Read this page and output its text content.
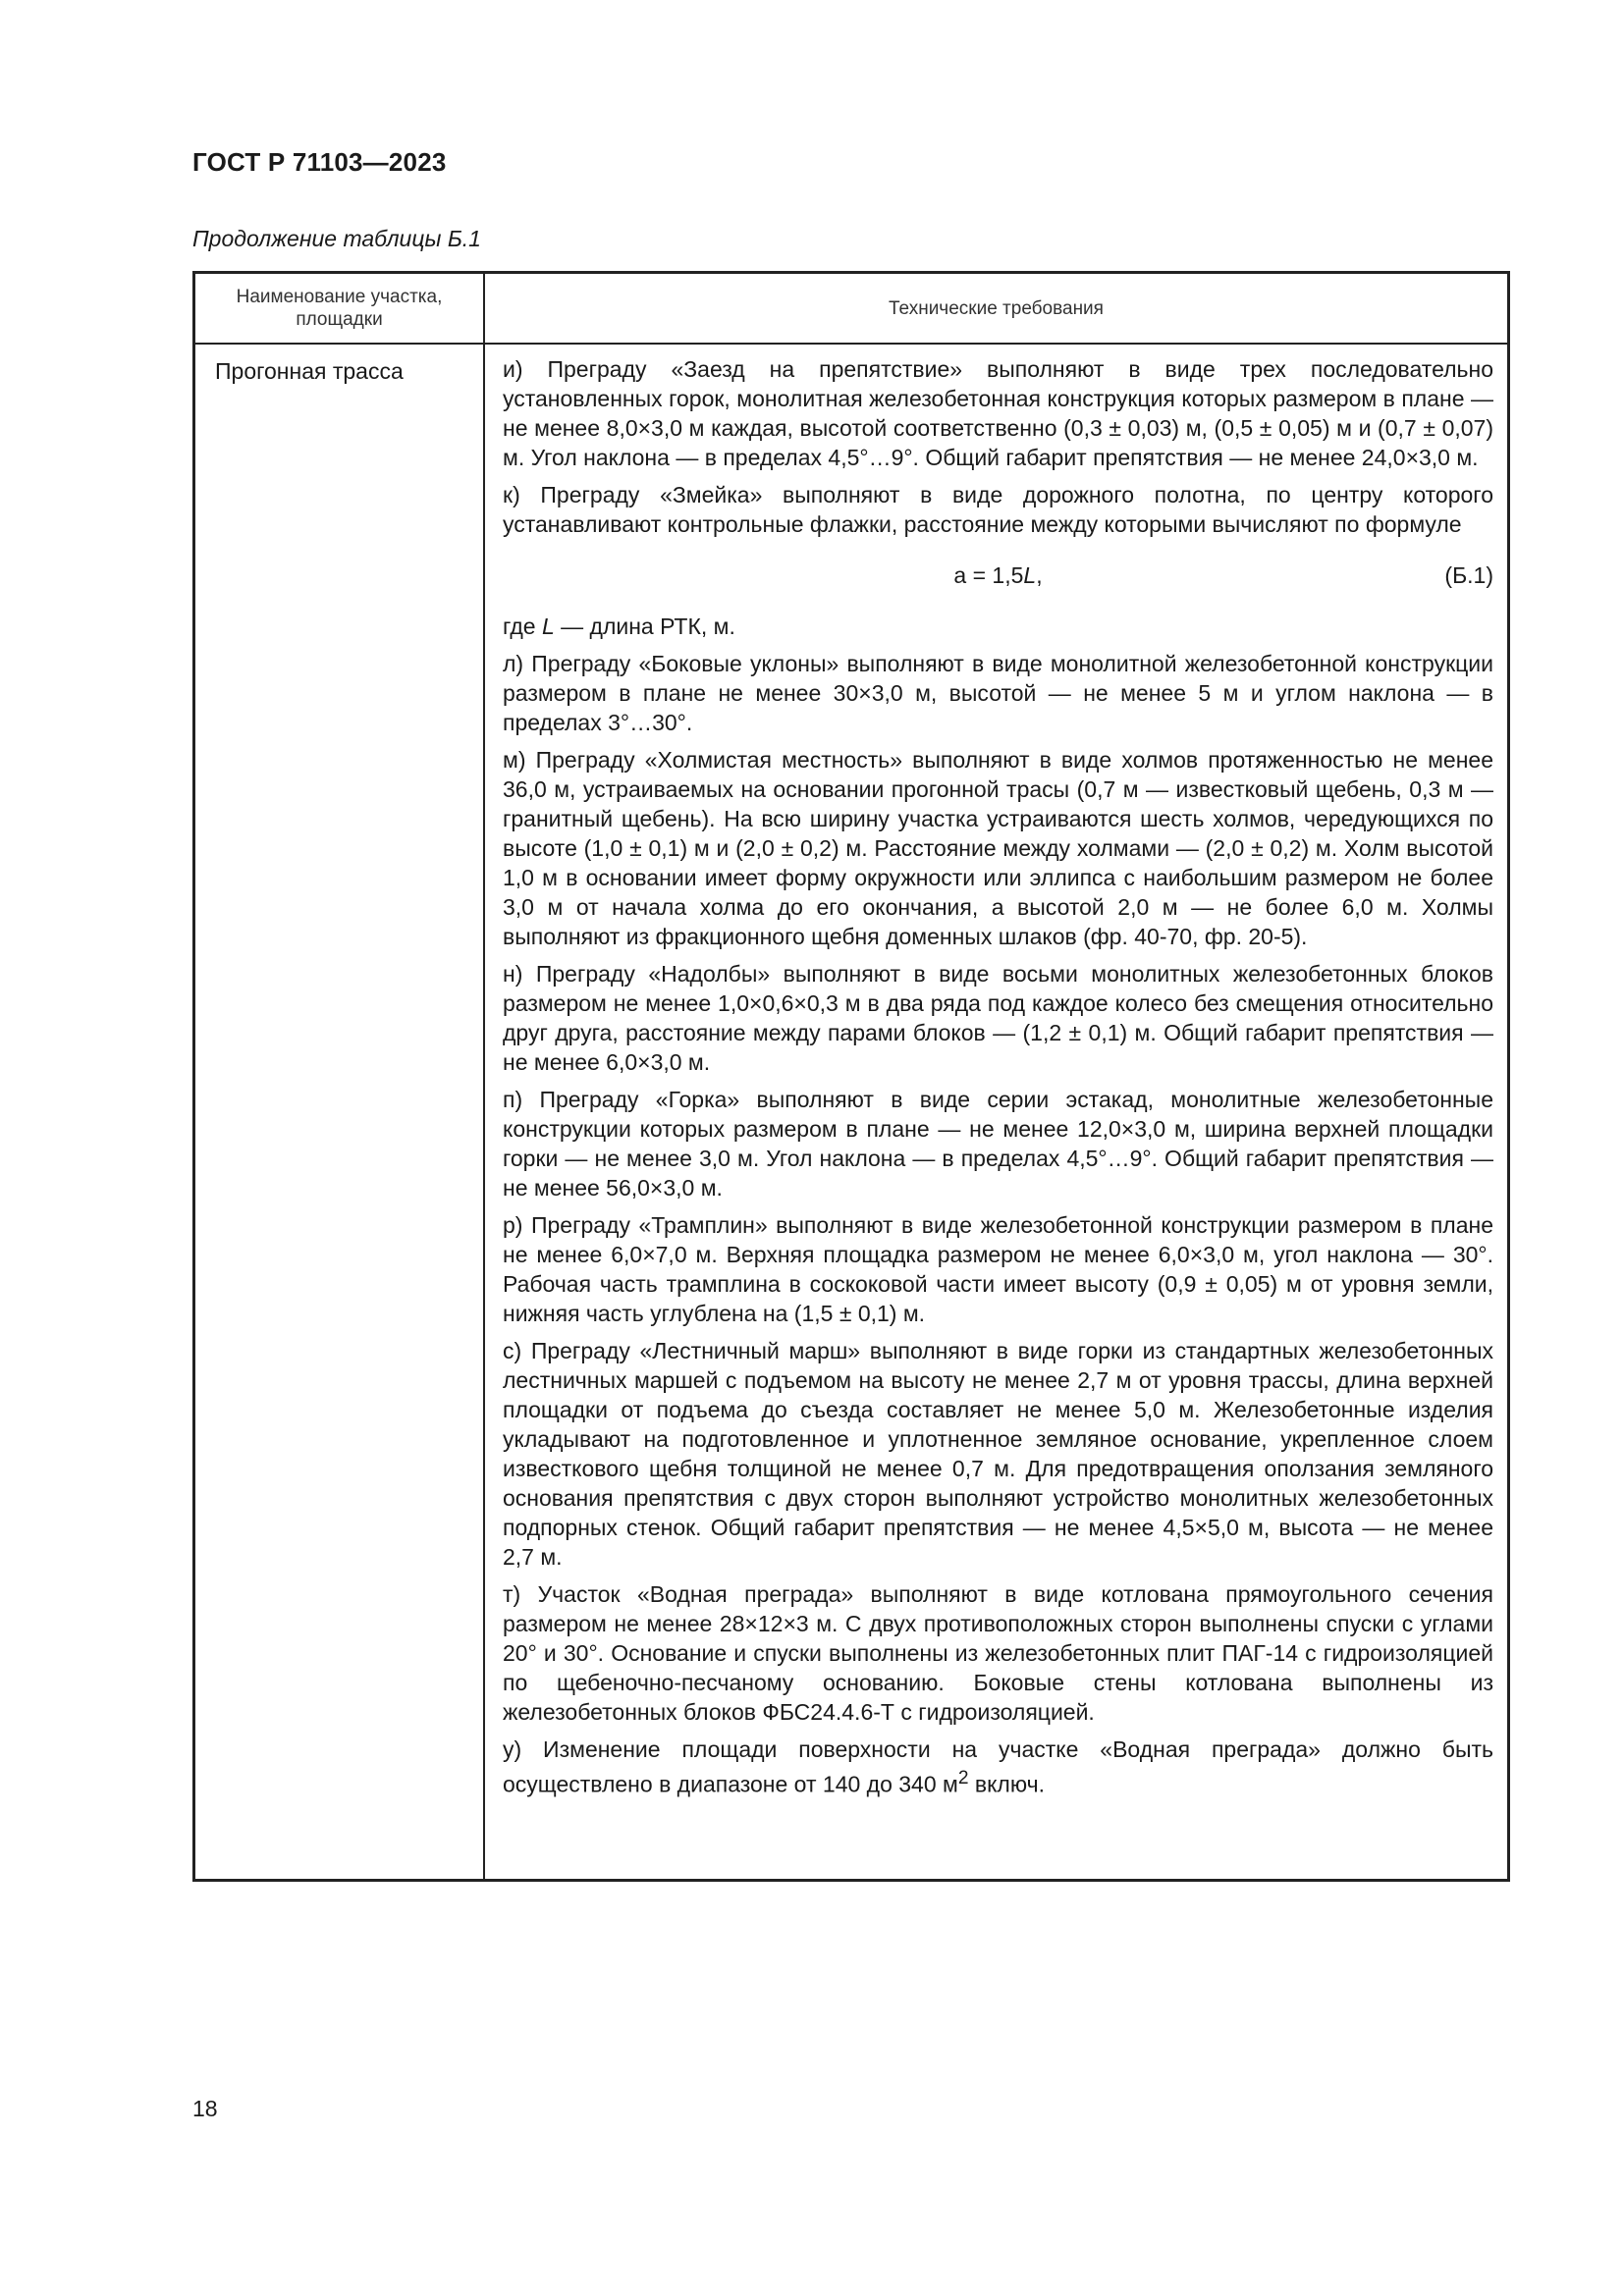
ГОСТ Р 71103—2023
Продолжение таблицы Б.1
Наименование участка, площадки
Технические требования
Прогонная трасса	и) Преграду «Заезд на препятствие» выполняют в виде трех последовательно установленных горок, монолитная железобетонная конструкция которых размером в плане — не менее 8,0×3,0 м каждая, высотой соответственно (0,3 ± 0,03) м, (0,5 ± 0,05) м и (0,7 ± 0,07) м. Угол наклона — в пределах 4,5°…9°. Общий габарит препятствия — не менее 24,0×3,0 м.

к) Преграду «Змейка» выполняют в виде дорожного полотна, по центру которого устанавливают контрольные флажки, расстояние между которыми вычисляют по формуле

a = 1,5L,	(Б.1)

где L — длина РТК, м.

л) Преграду «Боковые уклоны» выполняют в виде монолитной железобетонной конструкции размером в плане не менее 30×3,0 м, высотой — не менее 5 м и углом наклона — в пределах 3°…30°.

м) Преграду «Холмистая местность» выполняют в виде холмов протяженностью не менее 36,0 м, устраиваемых на основании прогонной трасы (0,7 м — известковый щебень, 0,3 м — гранитный щебень). На всю ширину участка устраиваются шесть холмов, чередующихся по высоте (1,0 ± 0,1) м и (2,0 ± 0,2) м. Расстояние между холмами — (2,0 ± 0,2) м. Холм высотой 1,0 м в основании имеет форму окружности или эллипса с наибольшим размером не более 3,0 м от начала холма до его окончания, а высотой 2,0 м — не более 6,0 м. Холмы выполняют из фракционного щебня доменных шлаков (фр. 40-70, фр. 20-5).

н) Преграду «Надолбы» выполняют в виде восьми монолитных железобетонных блоков размером не менее 1,0×0,6×0,3 м в два ряда под каждое колесо без смещения относительно друг друга, расстояние между парами блоков — (1,2 ± 0,1) м. Общий габарит препятствия — не менее 6,0×3,0 м.

п) Преграду «Горка» выполняют в виде серии эстакад, монолитные железобетонные конструкции которых размером в плане — не менее 12,0×3,0 м, ширина верхней площадки горки — не менее 3,0 м. Угол наклона — в пределах 4,5°…9°. Общий габарит препятствия — не менее 56,0×3,0 м.

р) Преграду «Трамплин» выполняют в виде железобетонной конструкции размером в плане не менее 6,0×7,0 м. Верхняя площадка размером не менее 6,0×3,0 м, угол наклона — 30°. Рабочая часть трамплина в соскоковой части имеет высоту (0,9 ± 0,05) м от уровня земли, нижняя часть углублена на (1,5 ± 0,1) м.

с) Преграду «Лестничный марш» выполняют в виде горки из стандартных железобетонных лестничных маршей с подъемом на высоту не менее 2,7 м от уровня трассы, длина верхней площадки от подъема до съезда составляет не менее 5,0 м. Железобетонные изделия укладывают на подготовленное и уплотненное земляное основание, укрепленное слоем известкового щебня толщиной не менее 0,7 м. Для предотвращения оползания земляного основания препятствия с двух сторон выполняют устройство монолитных железобетонных подпорных стенок. Общий габарит препятствия — не менее 4,5×5,0 м, высота — не менее 2,7 м.

т) Участок «Водная преграда» выполняют в виде котлована прямоугольного сечения размером не менее 28×12×3 м. С двух противоположных сторон выполнены спуски с углами 20° и 30°. Основание и спуски выполнены из железобетонных плит ПАГ-14 с гидроизоляцией по щебеночно-песчаному основанию. Боковые стены котлована выполнены из железобетонных блоков ФБС24.4.6-Т с гидроизоляцией.

у) Изменение площади поверхности на участке «Водная преграда» должно быть осуществлено в диапазоне от 140 до 340 $м^2$ включ.

18
